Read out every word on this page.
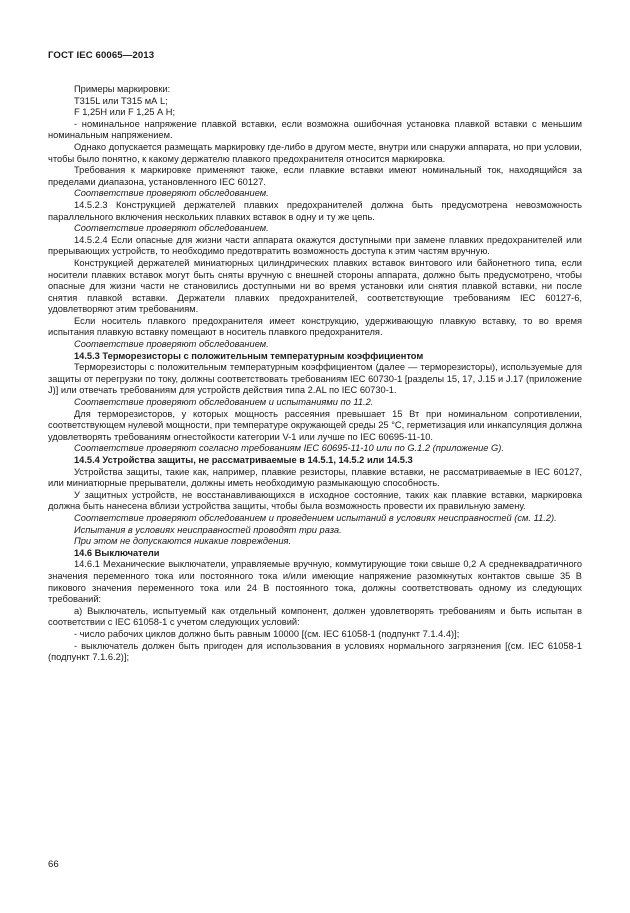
ГОСТ IEC 60065—2013

Примеры маркировки:

Т315L или Т315 мА L;

F 1,25H или F 1,25 А Н;

- номинальное напряжение плавкой вставки, если возможна ошибочная установка плавкой вставки с меньшим номинальным напряжением.

Однако допускается размещать маркировку где-либо в другом месте, внутри или снаружи аппарата, но при условии, чтобы было понятно, к какому держателю плавкого предохранителя относится маркировка.

Требования к маркировке применяют также, если плавкие вставки имеют номинальный ток, находящийся за пределами диапазона, установленного IEC 60127.

Соответствие проверяют обследованием.

14.5.2.3 Конструкцией держателей плавких предохранителей должна быть предусмотрена невозможность параллельного включения нескольких плавких вставок в одну и ту же цепь.

Соответствие проверяют обследованием.

14.5.2.4 Если опасные для жизни части аппарата окажутся доступными при замене плавких предохранителей или прерывающих устройств, то необходимо предотвратить возможность доступа к этим частям вручную.

Конструкцией держателей миниатюрных цилиндрических плавких вставок винтового или байонетного типа, если носители плавких вставок могут быть сняты вручную с внешней стороны аппарата, должно быть предусмотрено, чтобы опасные для жизни части не становились доступными ни во время установки или снятия плавкой вставки, ни после снятия плавкой вставки. Держатели плавких предохранителей, соответствующие требованиям IEC 60127-6, удовлетворяют этим требованиям.

Если носитель плавкого предохранителя имеет конструкцию, удерживающую плавкую вставку, то во время испытания плавкую вставку помещают в носитель плавкого предохранителя.

Соответствие проверяют обследованием.

14.5.3 Терморезисторы с положительным температурным коэффициентом

Терморезисторы с положительным температурным коэффициентом (далее — терморезисторы), используемые для защиты от перегрузки по току, должны соответствовать требованиям IEC 60730-1 [разделы 15, 17, J.15 и J.17 (приложение J)] или отвечать требованиям для устройств действия типа 2.AL по IEC 60730-1.

Соответствие проверяют обследованием и испытаниями по 11.2.

Для терморезисторов, у которых мощность рассеяния превышает 15 Вт при номинальном сопротивлении, соответствующем нулевой мощности, при температуре окружающей среды 25 °C, герметизация или инкапсуляция должна удовлетворять требованиям огнестойкости категории V-1 или лучше по IEC 60695-11-10.

Соответствие проверяют согласно требованиям IEC 60695-11-10 или по G.1.2 (приложение G).

14.5.4 Устройства защиты, не рассматриваемые в 14.5.1, 14.5.2 или 14.5.3

Устройства защиты, такие как, например, плавкие резисторы, плавкие вставки, не рассматриваемые в IEC 60127, или миниатюрные прерыватели, должны иметь необходимую размыкающую способность.

У защитных устройств, не восстанавливающихся в исходное состояние, таких как плавкие вставки, маркировка должна быть нанесена вблизи устройства защиты, чтобы была возможность провести их правильную замену.

Соответствие проверяют обследованием и проведением испытаний в условиях неисправностей (см. 11.2).

Испытания в условиях неисправностей проводят три раза.

При этом не допускаются никакие повреждения.

14.6 Выключатели

14.6.1 Механические выключатели, управляемые вручную, коммутирующие токи свыше 0,2 А среднеквадратичного значения переменного тока или постоянного тока и/или имеющие напряжение разомкнутых контактов свыше 35 В пикового значения переменного тока или 24 В постоянного тока, должны соответствовать одному из следующих требований:

а) Выключатель, испытуемый как отдельный компонент, должен удовлетворять требованиям и быть испытан в соответствии с IEC 61058-1 с учетом следующих условий:

- число рабочих циклов должно быть равным 10000 [(см. IEC 61058-1 (подпункт 7.1.4.4)];

- выключатель должен быть пригоден для использования в условиях нормального загрязнения [(см. IEC 61058-1 (подпункт 7.1.6.2)];

66
